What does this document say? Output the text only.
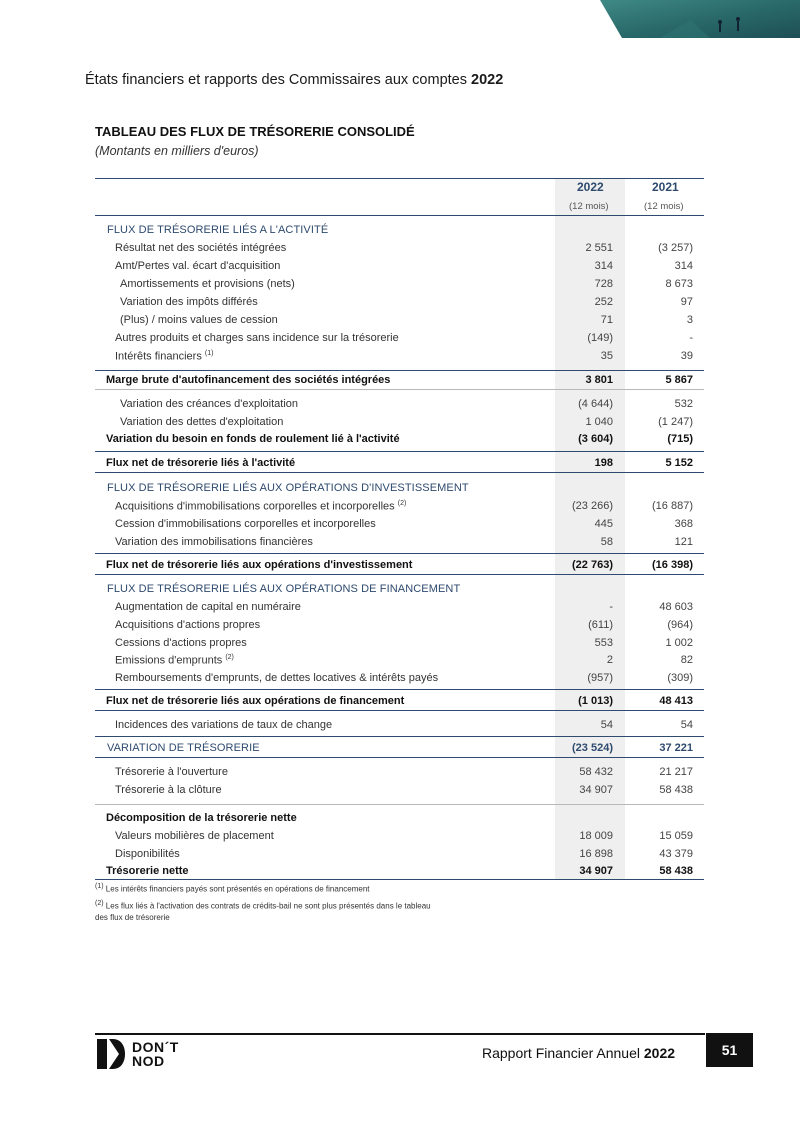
États financiers et rapports des Commissaires aux comptes 2022
TABLEAU DES FLUX DE TRÉSORERIE CONSOLIDÉ
(Montants en milliers d'euros)
2022	2021
(12 mois)	(12 mois)
FLUX DE TRÉSORERIE LIÉS A L'ACTIVITÉ
Résultat net des sociétés intégrées	2 551	(3 257)
Amt/Pertes val. écart d'acquisition	314	314
Amortissements et provisions (nets)	728	8 673
Variation des impôts différés	252	97
(Plus) / moins values de cession	71	3
Autres produits et charges sans incidence sur la trésorerie	(149)	-
Intérêts financiers $^{(1)}$	35	39
Marge brute d'autofinancement des sociétés intégrées	3 801	5 867
Variation des créances d'exploitation	(4 644)	532
Variation des dettes d'exploitation	1 040	(1 247)
Variation du besoin en fonds de roulement lié à l'activité	(3 604)	(715)
Flux net de trésorerie liés à l'activité	198	5 152
FLUX DE TRÉSORERIE LIÉS AUX OPÉRATIONS D'INVESTISSEMENT
Acquisitions d'immobilisations corporelles et incorporelles $^{(2)}$	(23 266)	(16 887)
Cession d'immobilisations corporelles et incorporelles	445	368
Variation des immobilisations financières	58	121
Flux net de trésorerie liés aux opérations d'investissement	(22 763)	(16 398)
FLUX DE TRÉSORERIE LIÉS AUX OPÉRATIONS DE FINANCEMENT
Augmentation de capital en numéraire	-	48 603
Acquisitions d'actions propres	(611)	(964)
Cessions d'actions propres	553	1 002
Emissions d'emprunts $^{(2)}$	2	82
Remboursements d'emprunts, de dettes locatives & intérêts payés	(957)	(309)
Flux net de trésorerie liés aux opérations de financement	(1 013)	48 413
Incidences des variations de taux de change	54	54
VARIATION DE TRÉSORERIE	(23 524)	37 221
Trésorerie à l'ouverture	58 432	21 217
Trésorerie à la clôture	34 907	58 438
Décomposition de la trésorerie nette
Valeurs mobilières de placement	18 009	15 059
Disponibilités	16 898	43 379
Trésorerie nette	34 907	58 438
$^{(1)}$ Les intérêts financiers payés sont présentés en opérations de financement
$^{(2)}$ Les flux liés à l'activation des contrats de crédits-bail ne sont plus présentés dans le tableau
des flux de trésorerie
DON´T
NOD	Rapport Financier Annuel 2022	51
